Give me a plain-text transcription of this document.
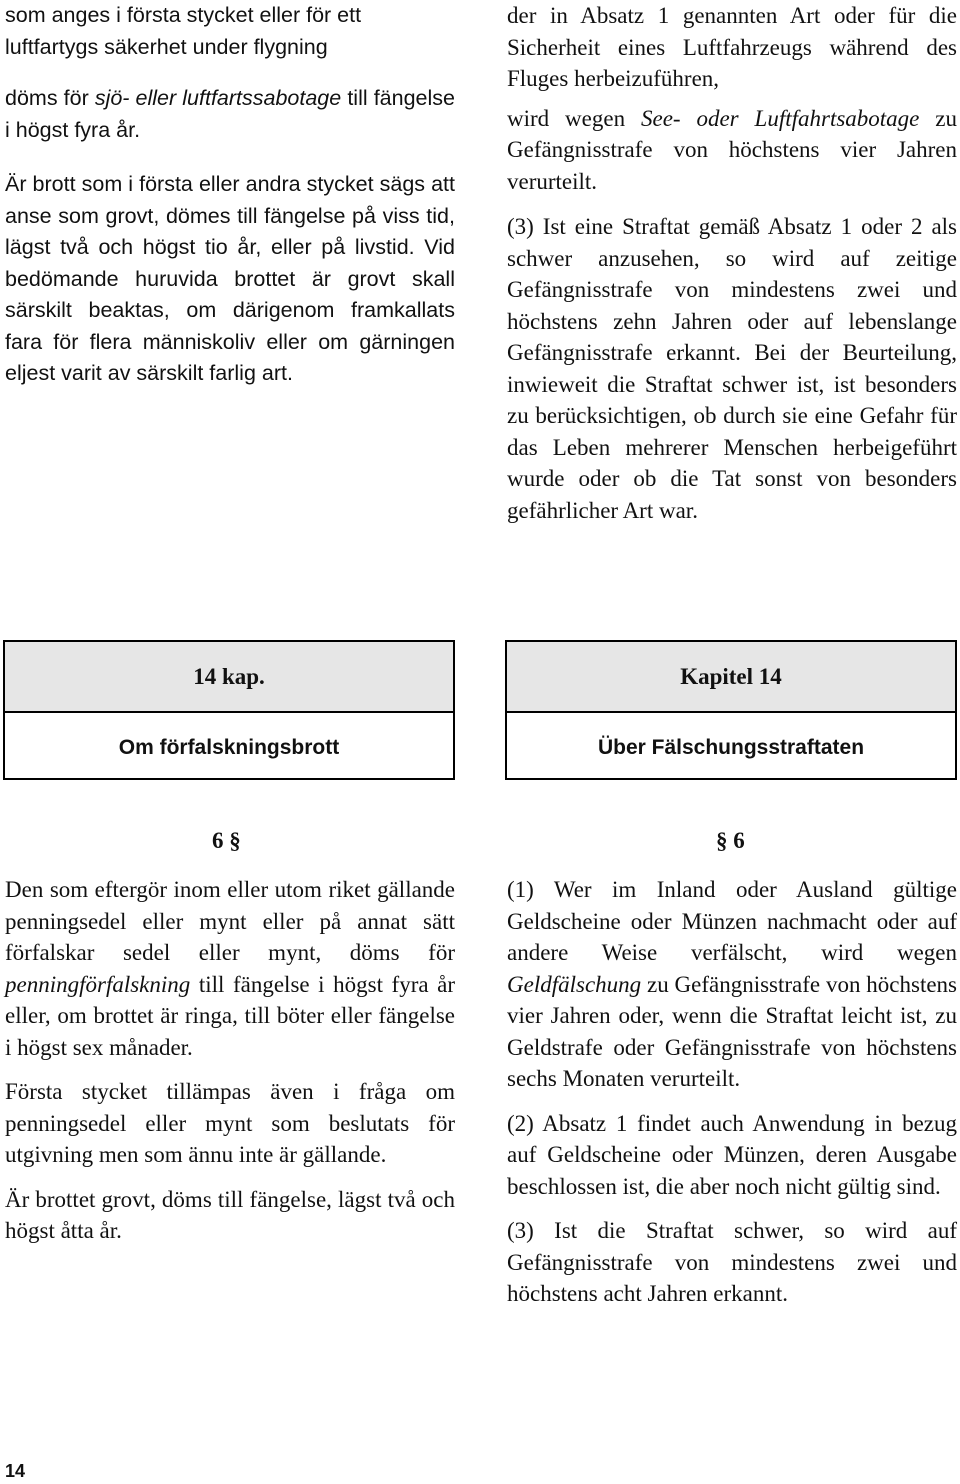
som anges i första stycket eller för ett

luftfartygs säkerhet under flygning

döms för sjö- eller luftfartssabotage till fängelse i högst fyra år.

Är brott som i första eller andra stycket sägs att anse som grovt, dömes till fängelse på viss tid, lägst två och högst tio år, eller på livstid. Vid bedömande huruvida brottet är grovt skall särskilt beaktas, om därigenom framkallats fara för flera människoliv eller om gärningen eljest varit av särskilt farlig art.

der in Absatz 1 genannten Art oder für die Sicherheit eines Luftfahrzeugs während des Fluges herbeizuführen,

wird wegen See- oder Luftfahrtsabotage zu Gefängnisstrafe von höchstens vier Jahren verurteilt.

(3) Ist eine Straftat gemäß Absatz 1 oder 2 als schwer anzusehen, so wird auf zeitige Gefängnisstrafe von mindestens zwei und höchstens zehn Jahren oder auf lebenslange Gefängnisstrafe erkannt. Bei der Beurteilung, inwieweit die Straftat schwer ist, ist besonders zu berücksichtigen, ob durch sie eine Gefahr für das Leben mehrerer Menschen herbeigeführt wurde oder ob die Tat sonst von besonders gefährlicher Art war.

14 kap.
Om förfalskningsbrott
Kapitel 14
Über Fälschungsstraftaten
6 §	§ 6

Den som eftergör inom eller utom riket gällande penningsedel eller mynt eller på annat sätt förfalskar sedel eller mynt, döms för penningförfalskning till fängelse i högst fyra år eller, om brottet är ringa, till böter eller fängelse i högst sex månader.

Första stycket tillämpas även i fråga om penningsedel eller mynt som beslutats för utgivning men som ännu inte är gällande.

Är brottet grovt, döms till fängelse, lägst två och högst åtta år.

(1) Wer im Inland oder Ausland gültige Geldscheine oder Münzen nachmacht oder auf andere Weise verfälscht, wird wegen Geldfälschung zu Gefängnisstrafe von höchstens vier Jahren oder, wenn die Straftat leicht ist, zu Geldstrafe oder Gefängnisstrafe von höchstens sechs Monaten verurteilt.

(2) Absatz 1 findet auch Anwendung in bezug auf Geldscheine oder Münzen, deren Ausgabe beschlossen ist, die aber noch nicht gültig sind.

(3) Ist die Straftat schwer, so wird auf Gefängnisstrafe von mindestens zwei und höchstens acht Jahren erkannt.

14
